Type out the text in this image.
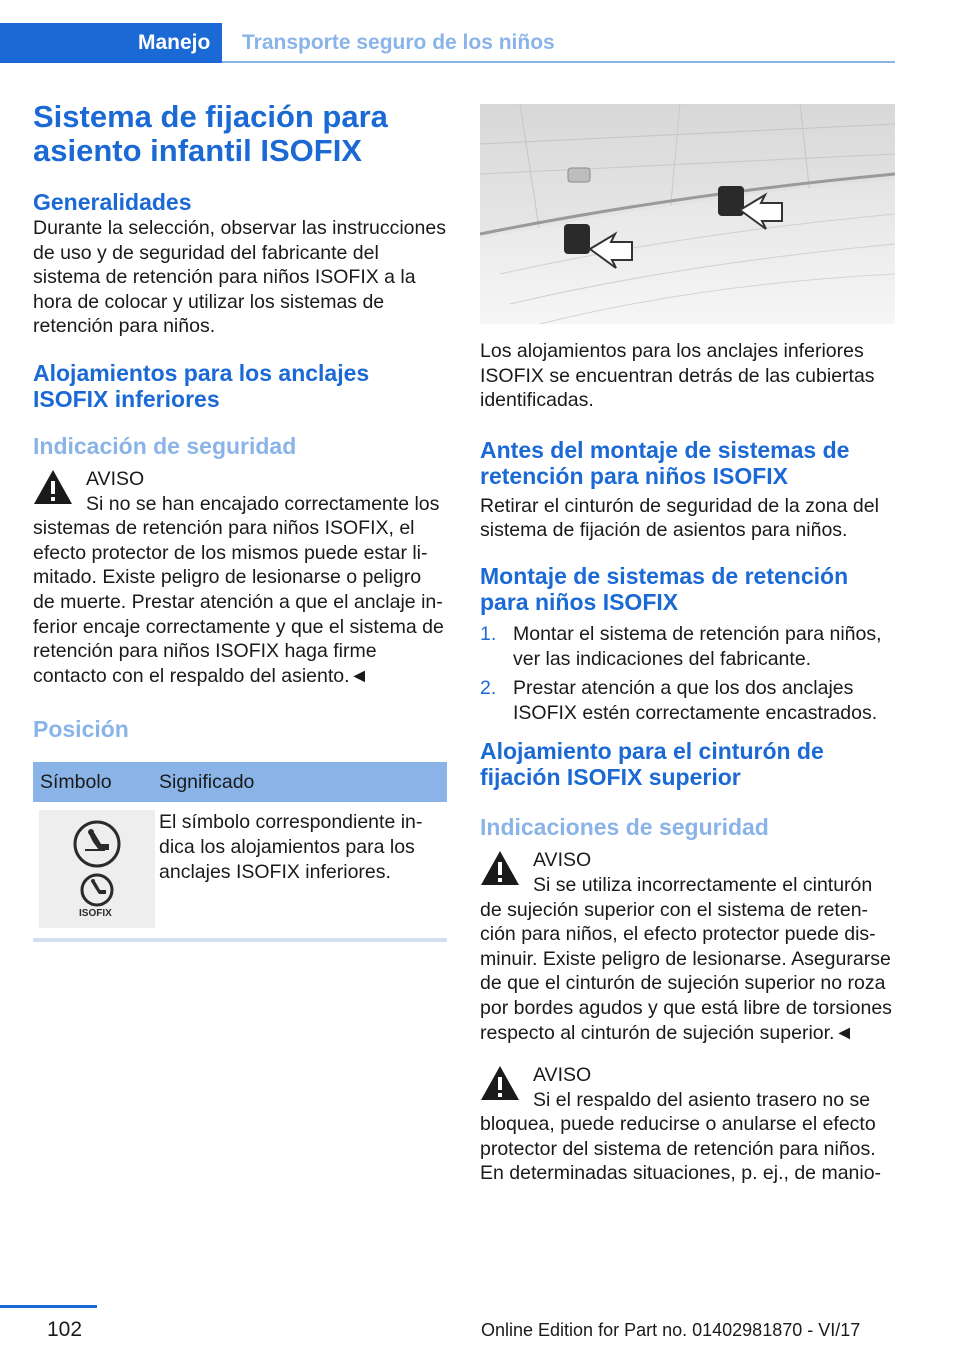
Manejo Transporte seguro de los niños
Sistema de fijación para asiento infantil ISOFIX
Generalidades
Durante la selección, observar las instrucciones de uso y de seguridad del fabricante del sistema de retención para niños ISOFIX a la hora de colocar y utilizar los sistemas de retención para niños.
Alojamientos para los anclajes ISOFIX inferiores
Indicación de seguridad
AVISO
Si no se han encajado correctamente los
sistemas de retención para niños ISOFIX, el efecto protector de los mismos puede estar limitado. Existe peligro de lesionarse o peligro de muerte. Prestar atención a que el anclaje inferior encaje correctamente y que el sistema de retención para niños ISOFIX haga firme contacto con el respaldo del asiento.◄
Posición
Símbolo	Significado
ISOFIX
El símbolo correspondiente indica los alojamientos para los anclajes ISOFIX inferiores.
Los alojamientos para los anclajes inferiores ISOFIX se encuentran detrás de las cubiertas identificadas.
Antes del montaje de sistemas de retención para niños ISOFIX
Retirar el cinturón de seguridad de la zona del sistema de fijación de asientos para niños.
Montaje de sistemas de retención para niños ISOFIX
1. Montar el sistema de retención para niños, ver las indicaciones del fabricante.
2. Prestar atención a que los dos anclajes ISOFIX estén correctamente encastrados.
Alojamiento para el cinturón de fijación ISOFIX superior
Indicaciones de seguridad
AVISO
Si se utiliza incorrectamente el cinturón
de sujeción superior con el sistema de retención para niños, el efecto protector puede disminuir. Existe peligro de lesionarse. Asegurarse de que el cinturón de sujeción superior no roza por bordes agudos y que está libre de torsiones respecto al cinturón de sujeción superior.◄
AVISO
Si el respaldo del asiento trasero no se
bloquea, puede reducirse o anularse el efecto protector del sistema de retención para niños. En determinadas situaciones, p. ej., de manio-
102	Online Edition for Part no. 01402981870 - VI/17
